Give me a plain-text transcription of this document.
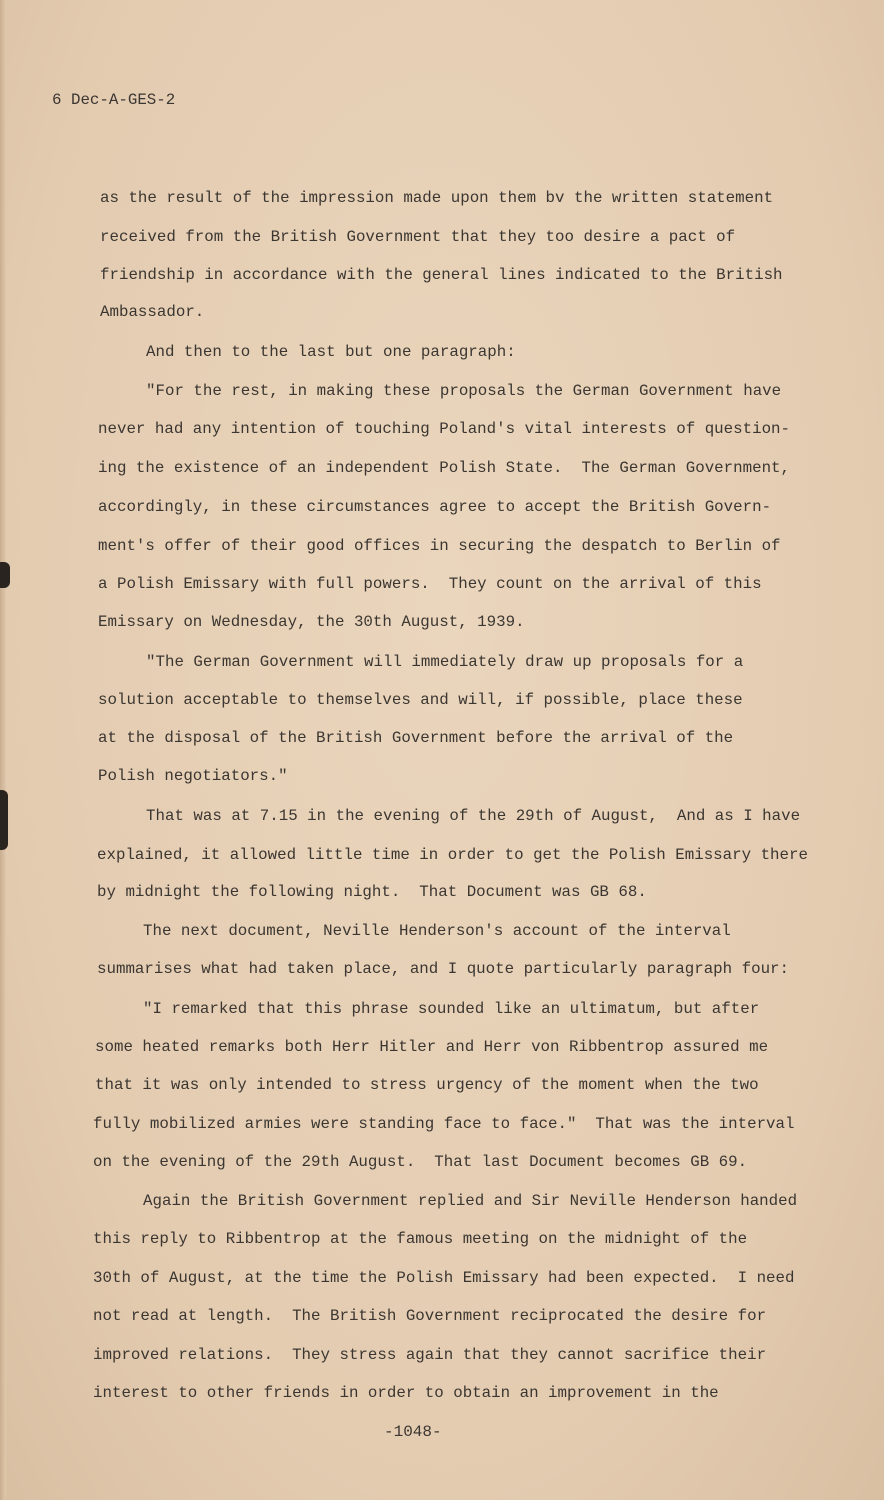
6 Dec-A-GES-2
as the result of the impression made upon them bv the written statement
received from the British Government that they too desire a pact of
friendship in accordance with the general lines indicated to the British
Ambassador.
And then to the last but one paragraph:
"For the rest, in making these proposals the German Government have
never had any intention of touching Poland's vital interests of question-
ing the existence of an independent Polish State.  The German Government,
accordingly, in these circumstances agree to accept the British Govern-
ment's offer of their good offices in securing the despatch to Berlin of
a Polish Emissary with full powers.  They count on the arrival of this
Emissary on Wednesday, the 30th August, 1939.
"The German Government will immediately draw up proposals for a
solution acceptable to themselves and will, if possible, place these
at the disposal of the British Government before the arrival of the
Polish negotiators."
That was at 7.15 in the evening of the 29th of August,  And as I have
explained, it allowed little time in order to get the Polish Emissary there
by midnight the following night.  That Document was GB 68.
The next document, Neville Henderson's account of the interval
summarises what had taken place, and I quote particularly paragraph four:
"I remarked that this phrase sounded like an ultimatum, but after
some heated remarks both Herr Hitler and Herr von Ribbentrop assured me
that it was only intended to stress urgency of the moment when the two
fully mobilized armies were standing face to face."  That was the interval
on the evening of the 29th August.  That last Document becomes GB 69.
Again the British Government replied and Sir Neville Henderson handed
this reply to Ribbentrop at the famous meeting on the midnight of the
30th of August, at the time the Polish Emissary had been expected.  I need
not read at length.  The British Government reciprocated the desire for
improved relations.  They stress again that they cannot sacrifice their
interest to other friends in order to obtain an improvement in the
-1048-
